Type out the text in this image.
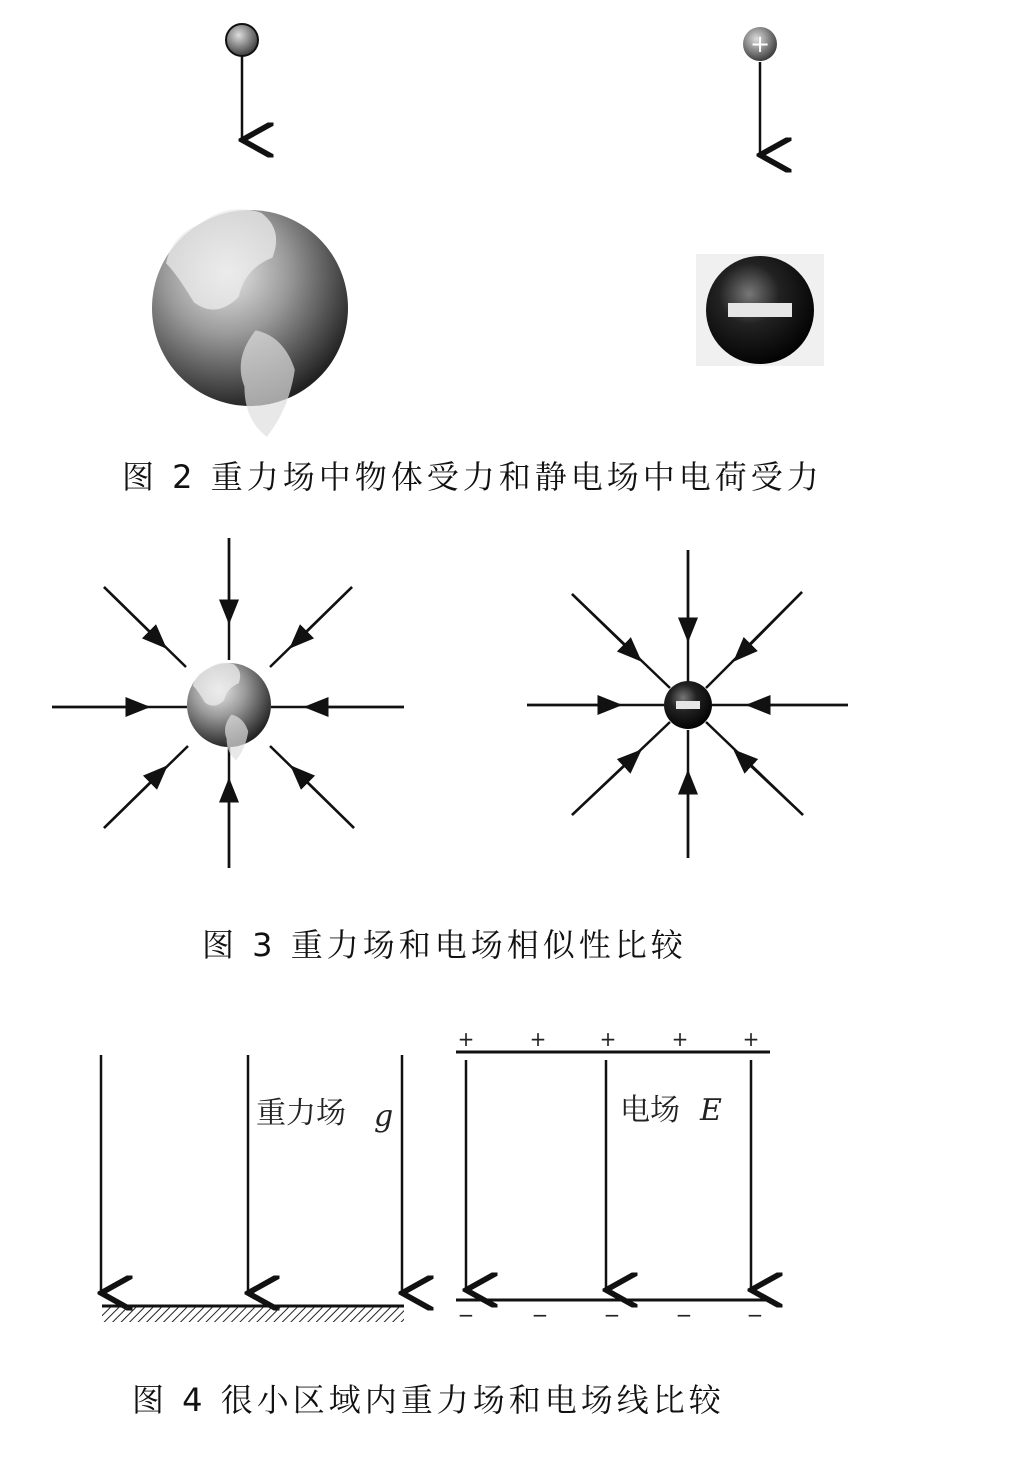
+
重力场 g	电场 E
+	+	+	+	+
−	−	−	−	−
图 2 重力场中物体受力和静电场中电荷受力
图 3 重力场和电场相似性比较
图 4 很小区域内重力场和电场线比较
